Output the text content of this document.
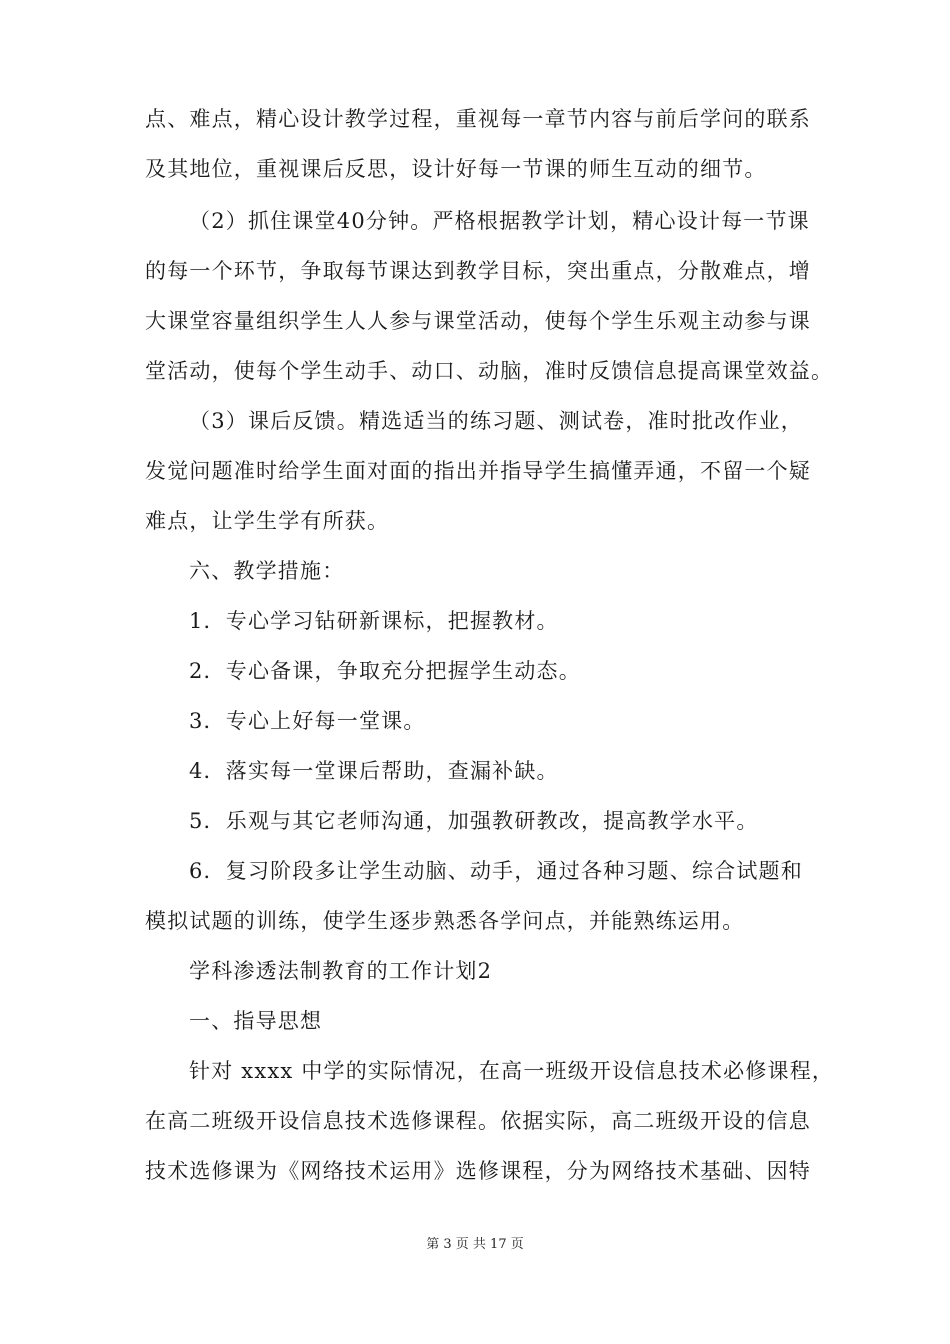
点、难点，精心设计教学过程，重视每一章节内容与前后学问的联系
及其地位，重视课后反思，设计好每一节课的师生互动的细节。
（2）抓住课堂40分钟。严格根据教学计划，精心设计每一节课
的每一个环节，争取每节课达到教学目标，突出重点，分散难点，增
大课堂容量组织学生人人参与课堂活动，使每个学生乐观主动参与课
堂活动，使每个学生动手、动口、动脑，准时反馈信息提高课堂效益。
（3）课后反馈。精选适当的练习题、测试卷，准时批改作业，
发觉问题准时给学生面对面的指出并指导学生搞懂弄通，不留一个疑
难点，让学生学有所获。
六、教学措施：
1．专心学习钻研新课标，把握教材。
2．专心备课，争取充分把握学生动态。
3．专心上好每一堂课。
4．落实每一堂课后帮助，查漏补缺。
5．乐观与其它老师沟通，加强教研教改，提高教学水平。
6．复习阶段多让学生动脑、动手，通过各种习题、综合试题和
模拟试题的训练，使学生逐步熟悉各学问点，并能熟练运用。
学科渗透法制教育的工作计划2
一、指导思想
针对 xxxx 中学的实际情况，在高一班级开设信息技术必修课程，
在高二班级开设信息技术选修课程。依据实际，高二班级开设的信息
技术选修课为《网络技术运用》选修课程，分为网络技术基础、因特
第 3 页 共 17 页
